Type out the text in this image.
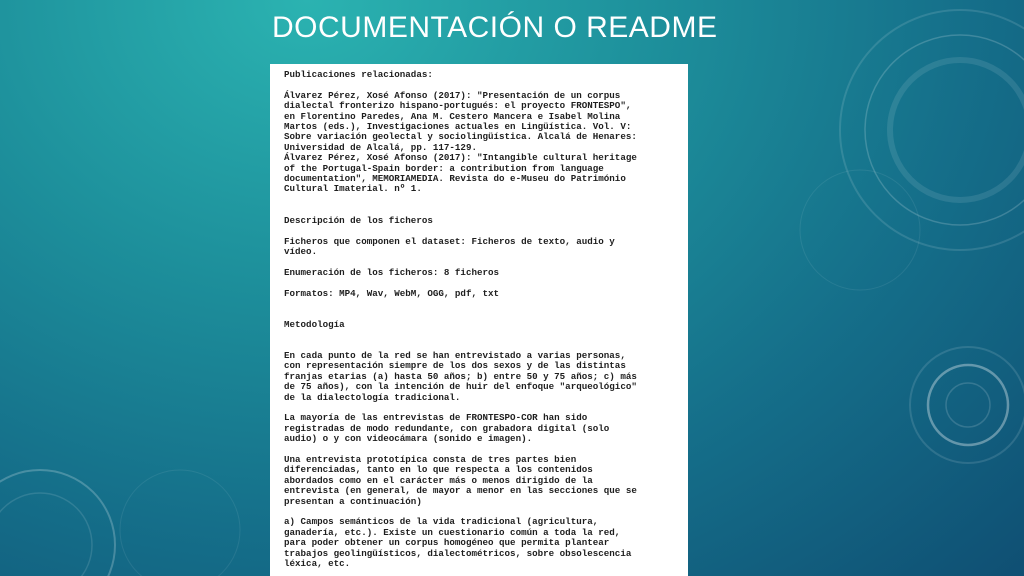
DOCUMENTACIÓN O README
Publicaciones relacionadas:

Álvarez Pérez, Xosé Afonso (2017): "Presentación de un corpus
dialectal fronterizo hispano-portugués: el proyecto FRONTESPO",
en Florentino Paredes, Ana M. Cestero Mancera e Isabel Molina
Martos (eds.), Investigaciones actuales en Lingüística. Vol. V:
Sobre variación geolectal y sociolingüística. Alcalá de Henares:
Universidad de Alcalá, pp. 117-129.
Álvarez Pérez, Xosé Afonso (2017): "Intangible cultural heritage
of the Portugal-Spain border: a contribution from language
documentation", MEMORIAMEDIA. Revista do e-Museu do Património
Cultural Imaterial. nº 1.

Descripción de los ficheros

Ficheros que componen el dataset: Ficheros de texto, audio y
vídeo.

Enumeración de los ficheros: 8 ficheros

Formatos: MP4, Wav, WebM, OGG, pdf, txt

Metodología

En cada punto de la red se han entrevistado a varias personas,
con representación siempre de los dos sexos y de las distintas
franjas etarias (a) hasta 50 años; b) entre 50 y 75 años; c) más
de 75 años), con la intención de huir del enfoque "arqueológico"
de la dialectología tradicional.

La mayoría de las entrevistas de FRONTESPO-COR han sido
registradas de modo redundante, con grabadora digital (solo
audio) o y con videocámara (sonido e imagen).

Una entrevista prototípica consta de tres partes bien
diferenciadas, tanto en lo que respecta a los contenidos
abordados como en el carácter más o menos dirigido de la
entrevista (en general, de mayor a menor en las secciones que se
presentan a continuación)

a) Campos semánticos de la vida tradicional (agricultura,
ganadería, etc.). Existe un cuestionario común a toda la red,
para poder obtener un corpus homogéneo que permita plantear
trabajos geolingüísticos, dialectométricos, sobre obsolescencia
léxica, etc.
